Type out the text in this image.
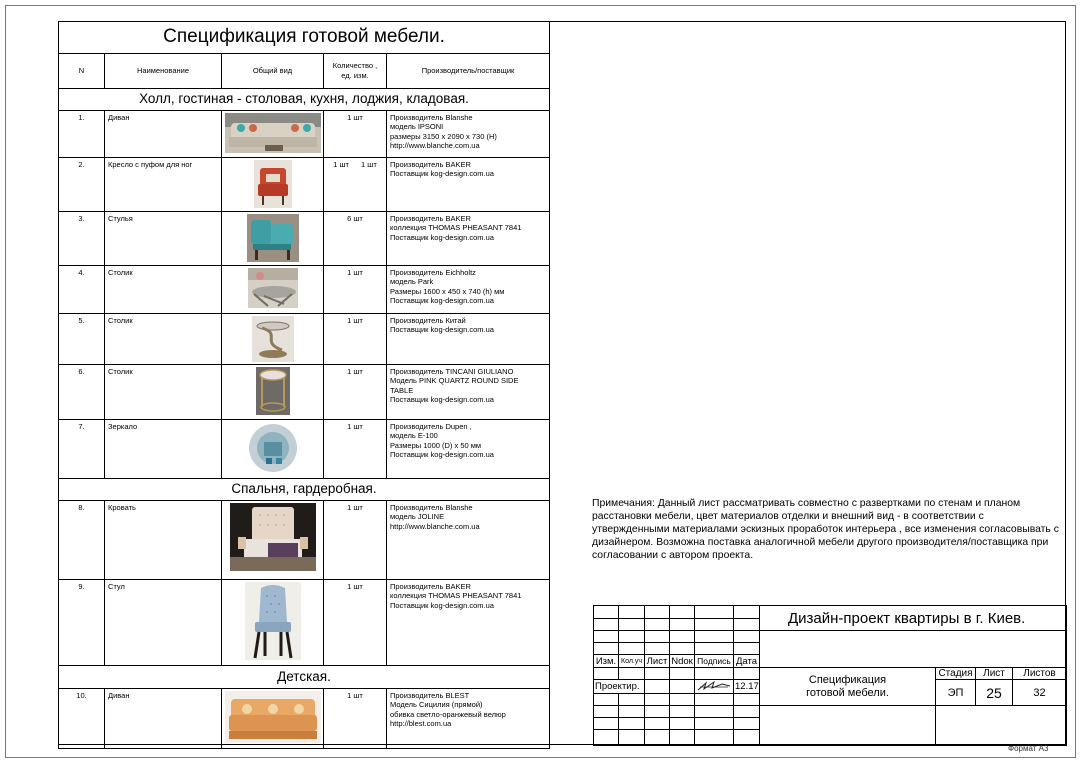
Спецификация готовой мебели.				
N	Наименование	Общий вид	Количество ,
ед. изм.	Производитель/поставщик
Холл, гостиная - столовая, кухня, лоджия, кладовая.				
1.	Диван		1 шт	Производитель Blanshe
модель IPSONI
размеры 3150 x 2090 x 730 (H)
http://www.blanche.com.ua

2.	Кресло с пуфом для ног		1 шт 1 шт	Производитель BAKER
Поставщик kog-design.com.ua

3.	Стулья		6 шт	Производитель BAKER
коллекция THOMAS PHEASANT 7841
Поставщик kog-design.com.ua

4.	Столик		1 шт	Производитель Eichholtz
модель Park
Размеры 1600 x 450 x 740 (h) мм
Поставщик kog-design.com.ua

5.	Столик		1 шт	Производитель Китай
Поставщик kog-design.com.ua

6.	Столик		1 шт	Производитель TINCANI GIULIANO
Модель PINK QUARTZ ROUND SIDE
TABLE
Поставщик kog-design.com.ua

7.	Зеркало		1 шт	Производитель Dupen ,
модель E-100
Размеры 1000 (D) x 50 мм
Поставщик kog-design.com.ua

Спальня, гардеробная.				
8.	Кровать		1 шт	Производитель Blanshe
модель JOLINE
http://www.blanche.com.ua

9.	Стул		1 шт	Производитель BAKER
коллекция THOMAS PHEASANT 7841
Поставщик kog-design.com.ua

Детская.				
10.	Диван		1 шт	Производитель BLEST
Модель Сицилия (прямой)
обивка светло-оранжевый велюр
http://blest.com.ua
Примечания: Данный лист рассматривать совместно с развертками по стенам и планом расстановки мебели, цвет материалов отделки и внешний вид - в соответствии с утвержденными материалами эскизных проработок интерьера , все изменения согласовывать с дизайнером. Возможна поставка аналогичной мебели другого производителя/поставщика при согласовании с автором проекта.
						Дизайн-проект квартиры в г. Киев.			

Изм.	Кол.уч	Лист	Ndок	Подпись	Дата				

						Спецификация
готовой мебели.	Стадия	Лист	Листов
Проектир.					12.17		ЭП	25	32

Формат А3
